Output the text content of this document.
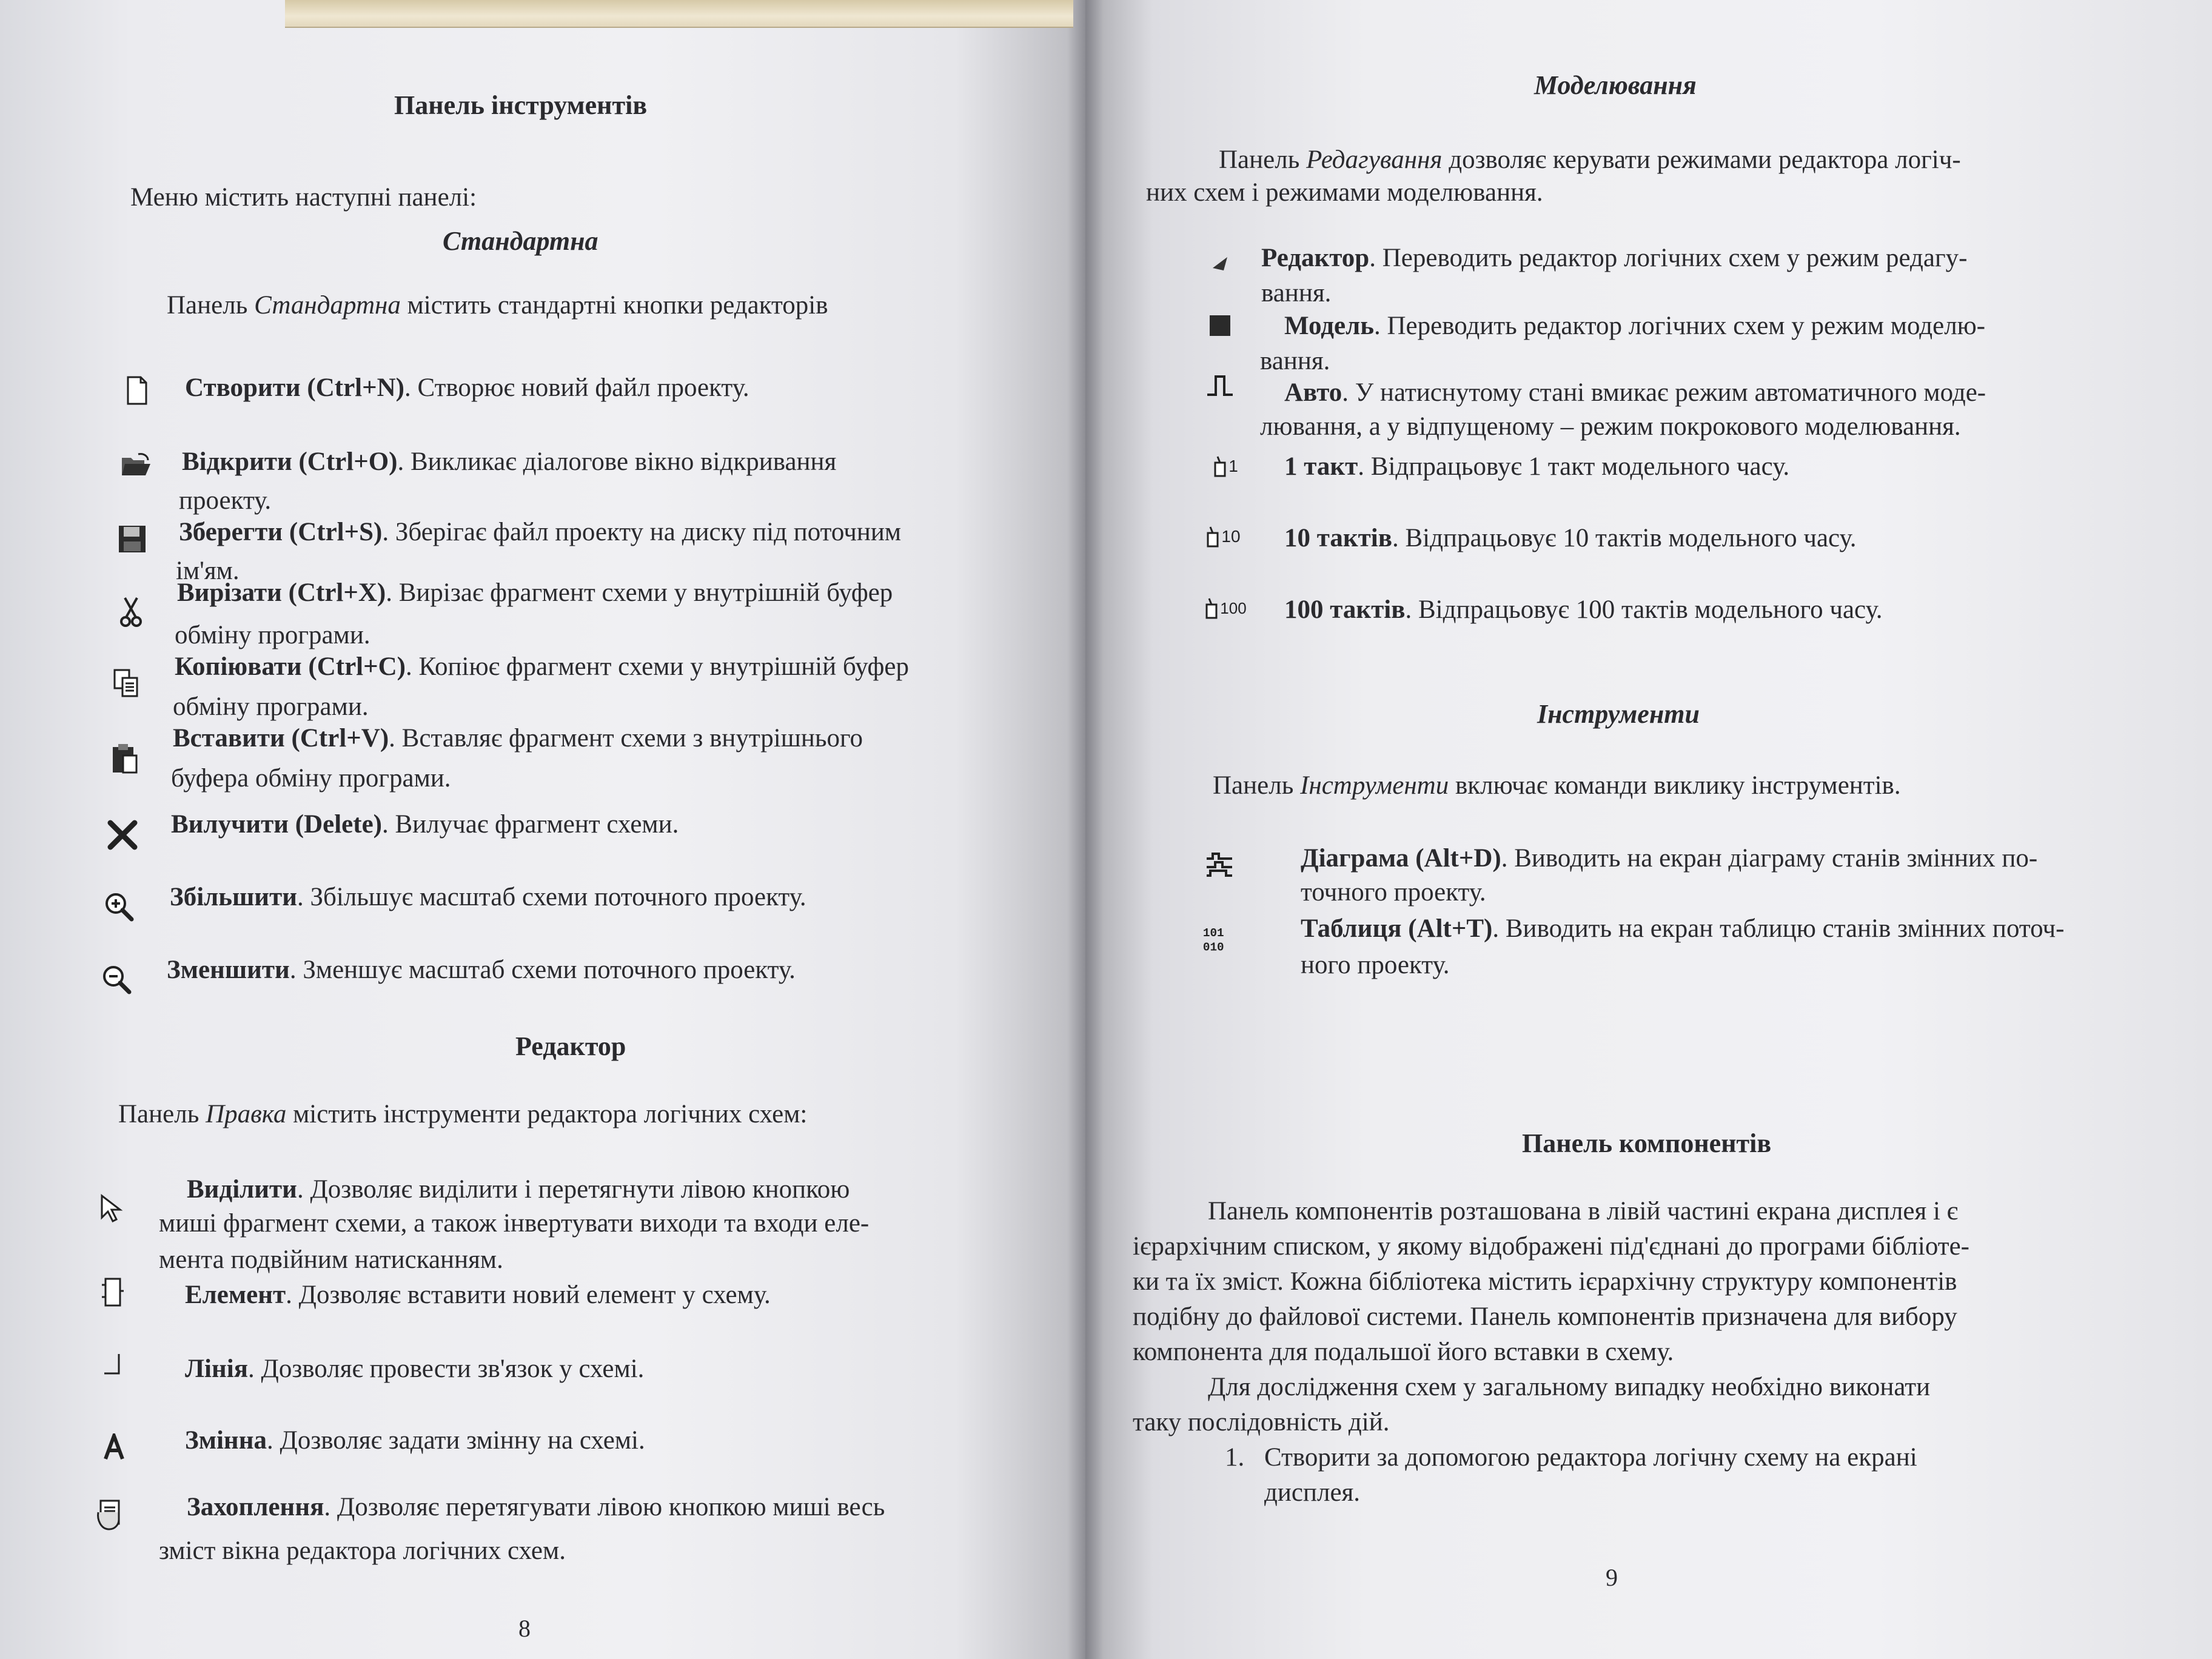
Панель інструментів
Меню містить наступні панелі:
Стандартна
Панель Стандартна містить стандартні кнопки редакторів
Створити (Ctrl+N). Створює новий файл проекту.
Відкрити (Ctrl+O). Викликає діалогове вікно відкривання
проекту.
Зберегти (Ctrl+S). Зберігає файл проекту на диску під поточним
ім'ям.
Вирізати (Ctrl+X). Вирізає фрагмент схеми у внутрішній буфер
обміну програми.
Копіювати (Ctrl+C). Копіює фрагмент схеми у внутрішній буфер
обміну програми.
Вставити (Ctrl+V). Вставляє фрагмент схеми з внутрішнього
буфера обміну програми.
Вилучити (Delete). Вилучає фрагмент схеми.
Збільшити. Збільшує масштаб схеми поточного проекту.
Зменшити. Зменшує масштаб схеми поточного проекту.
Редактор
Панель Правка містить інструменти редактора логічних схем:
Виділити. Дозволяє виділити і перетягнути лівою кнопкою
миші фрагмент схеми, а також інвертувати виходи та входи еле-
мента подвійним натисканням.
Елемент. Дозволяє вставити новий елемент у схему.
Лінія. Дозволяє провести зв'язок у схемі.
Змінна. Дозволяє задати змінну на схемі.
Захоплення. Дозволяє перетягувати лівою кнопкою миші весь
зміст вікна редактора логічних схем.
8
Моделювання
Панель Редагування дозволяє керувати режимами редактора логіч-
них схем і режимами моделювання.
Редактор. Переводить редактор логічних схем у режим редагу-
вання.
Модель. Переводить редактор логічних схем у режим моделю-
вання.
Авто. У натиснутому стані вмикає режим автоматичного моде-
лювання, а у відпущеному – режим покрокового моделювання.
1 1 такт. Відпрацьовує 1 такт модельного часу.
10 10 тактів. Відпрацьовує 10 тактів модельного часу.
100 100 тактів. Відпрацьовує 100 тактів модельного часу.
Інструменти
Панель Інструменти включає команди виклику інструментів.
Діаграма (Alt+D). Виводить на екран діаграму станів змінних по-
точного проекту.
101
010
Таблиця (Alt+T). Виводить на екран таблицю станів змінних поточ-
ного проекту.
Панель компонентів
Панель компонентів розташована в лівій частині екрана дисплея і є
ієрархічним списком, у якому відображені під'єднані до програми бібліоте-
ки та їх зміст. Кожна бібліотека містить ієрархічну структуру компонентів
подібну до файлової системи. Панель компонентів призначена для вибору
компонента для подальшої його вставки в схему.
Для дослідження схем у загальному випадку необхідно виконати
таку послідовність дій.
1. Створити за допомогою редактора логічну схему на екрані
дисплея.
9
